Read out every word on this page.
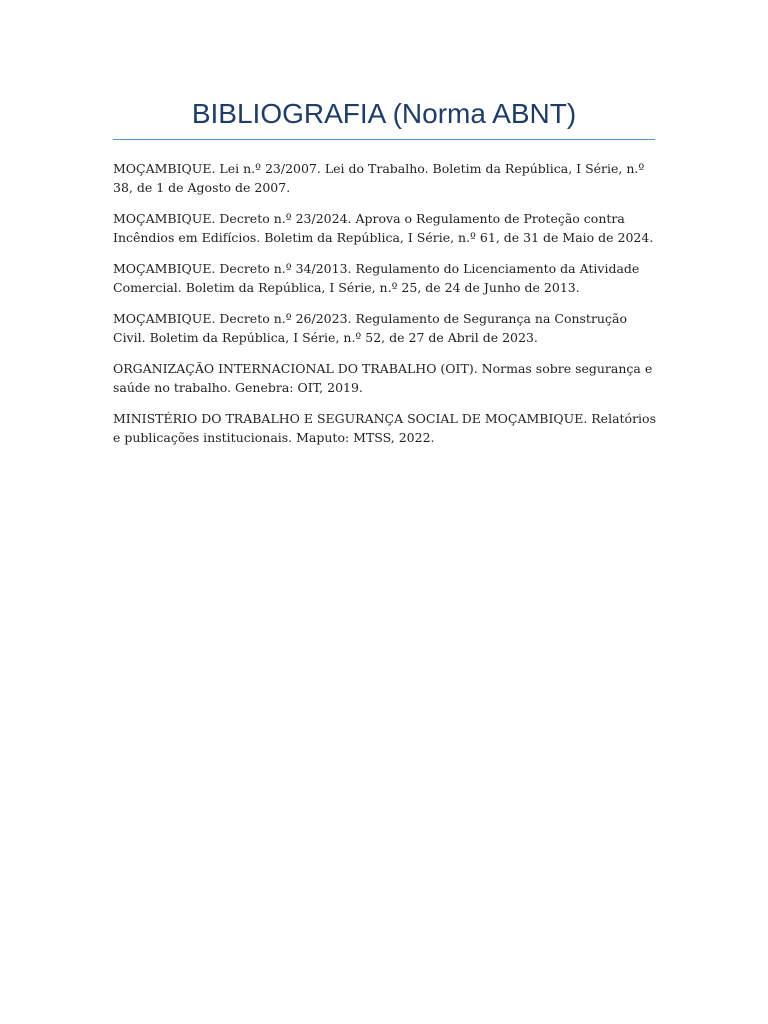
BIBLIOGRAFIA (Norma ABNT)
MOÇAMBIQUE. Lei n.º 23/2007. Lei do Trabalho. Boletim da República, I Série, n.º 38, de 1 de Agosto de 2007.
MOÇAMBIQUE. Decreto n.º 23/2024. Aprova o Regulamento de Proteção contra Incêndios em Edifícios. Boletim da República, I Série, n.º 61, de 31 de Maio de 2024.
MOÇAMBIQUE. Decreto n.º 34/2013. Regulamento do Licenciamento da Atividade Comercial. Boletim da República, I Série, n.º 25, de 24 de Junho de 2013.
MOÇAMBIQUE. Decreto n.º 26/2023. Regulamento de Segurança na Construção Civil. Boletim da República, I Série, n.º 52, de 27 de Abril de 2023.
ORGANIZAÇÃO INTERNACIONAL DO TRABALHO (OIT). Normas sobre segurança e saúde no trabalho. Genebra: OIT, 2019.
MINISTÉRIO DO TRABALHO E SEGURANÇA SOCIAL DE MOÇAMBIQUE. Relatórios e publicações institucionais. Maputo: MTSS, 2022.
